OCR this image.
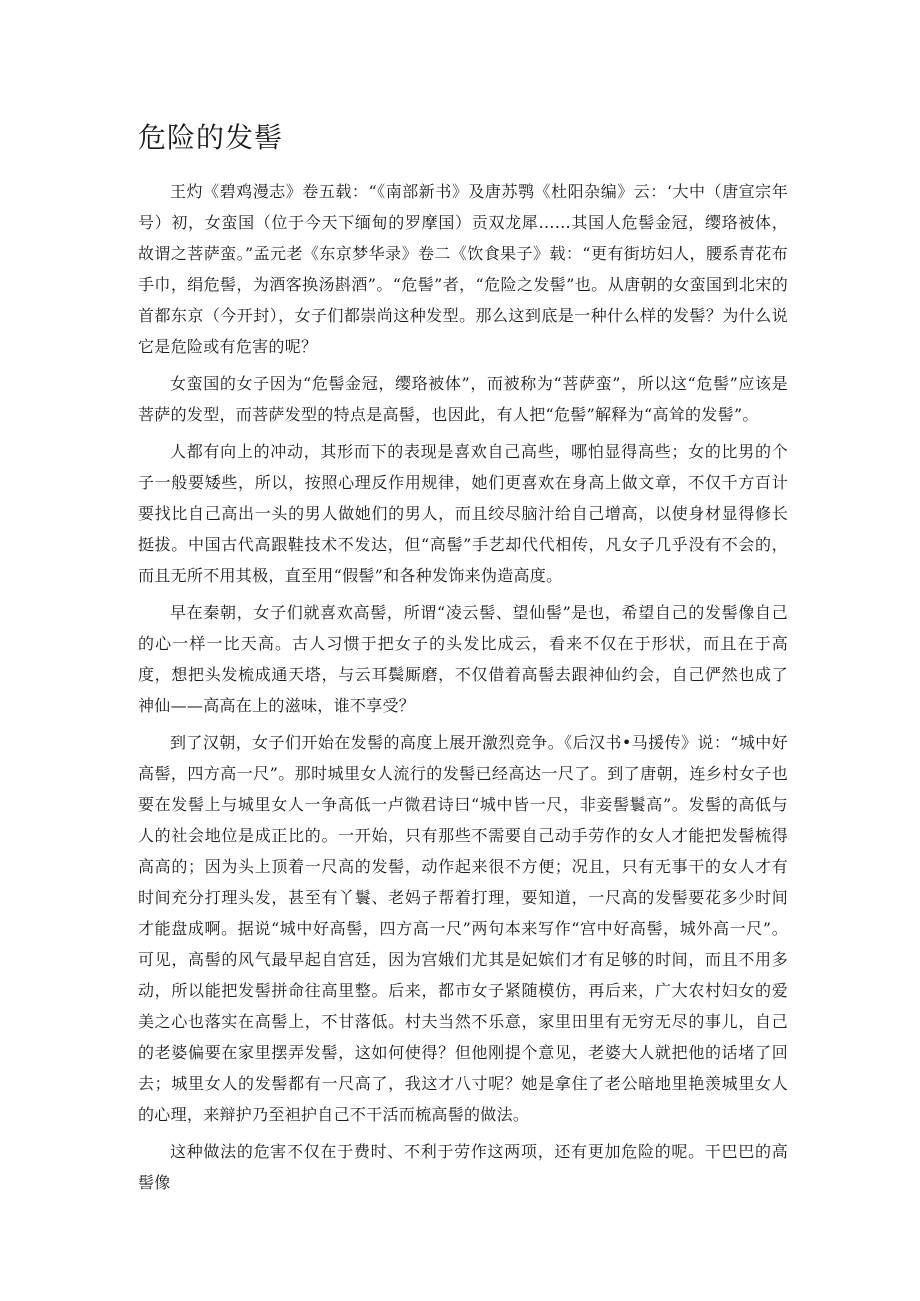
危险的发髻

王灼《碧鸡漫志》卷五载：“《南部新书》及唐苏鹗《杜阳杂编》云：‘大中（唐宣宗年号）初，女蛮国（位于今天下缅甸的罗摩国）贡双龙犀……其国人危髻金冠，缨珞被体，故谓之菩萨蛮。”孟元老《东京梦华录》卷二《饮食果子》载：“更有街坊妇人，腰系青花布手巾，绢危髻，为酒客换汤斟酒”。“危髻”者，“危险之发髻”也。从唐朝的女蛮国到北宋的首都东京（今开封），女子们都崇尚这种发型。那么这到底是一种什么样的发髻？为什么说它是危险或有危害的呢？

女蛮国的女子因为“危髻金冠，缨珞被体”，而被称为“菩萨蛮”，所以这“危髻”应该是菩萨的发型，而菩萨发型的特点是高髻，也因此，有人把“危髻”解释为“高耸的发髻”。

人都有向上的冲动，其形而下的表现是喜欢自己高些，哪怕显得高些；女的比男的个子一般要矮些，所以，按照心理反作用规律，她们更喜欢在身高上做文章，不仅千方百计要找比自己高出一头的男人做她们的男人，而且绞尽脑汁给自己增高，以使身材显得修长挺拔。中国古代高跟鞋技术不发达，但“高髻”手艺却代代相传，凡女子几乎没有不会的，而且无所不用其极，直至用“假髻”和各种发饰来伪造高度。

早在秦朝，女子们就喜欢高髻，所谓“凌云髻、望仙髻”是也，希望自己的发髻像自己的心一样一比天高。古人习惯于把女子的头发比成云，看来不仅在于形状，而且在于高度，想把头发梳成通天塔，与云耳鬓厮磨，不仅借着高髻去跟神仙约会，自己俨然也成了神仙——高高在上的滋味，谁不享受？

到了汉朝，女子们开始在发髻的高度上展开激烈竞争。《后汉书•马援传》说：“城中好高髻，四方高一尺”。那时城里女人流行的发髻已经高达一尺了。到了唐朝，连乡村女子也要在发髻上与城里女人一争高低一卢微君诗曰“城中皆一尺，非妾髻鬟高”。发髻的高低与人的社会地位是成正比的。一开始，只有那些不需要自己动手劳作的女人才能把发髻梳得高高的；因为头上顶着一尺高的发髻，动作起来很不方便；况且，只有无事干的女人才有时间充分打理头发，甚至有丫鬟、老妈子帮着打理，要知道，一尺高的发髻要花多少时间才能盘成啊。据说“城中好高髻，四方高一尺”两句本来写作“宫中好高髻，城外高一尺”。可见，高髻的风气最早起自宫廷，因为宫娥们尤其是妃嫔们才有足够的时间，而且不用多动，所以能把发髻拼命往高里整。后来，都市女子紧随模仿，再后来，广大农村妇女的爱美之心也落实在高髻上，不甘落低。村夫当然不乐意，家里田里有无穷无尽的事儿，自己的老婆偏要在家里摆弄发髻，这如何使得？但他刚提个意见，老婆大人就把他的话堵了回去；城里女人的发髻都有一尺高了，我这才八寸呢？她是拿住了老公暗地里艳羡城里女人的心理，来辩护乃至袒护自己不干活而梳高髻的做法。

这种做法的危害不仅在于费时、不利于劳作这两项，还有更加危险的呢。干巴巴的高髻像
